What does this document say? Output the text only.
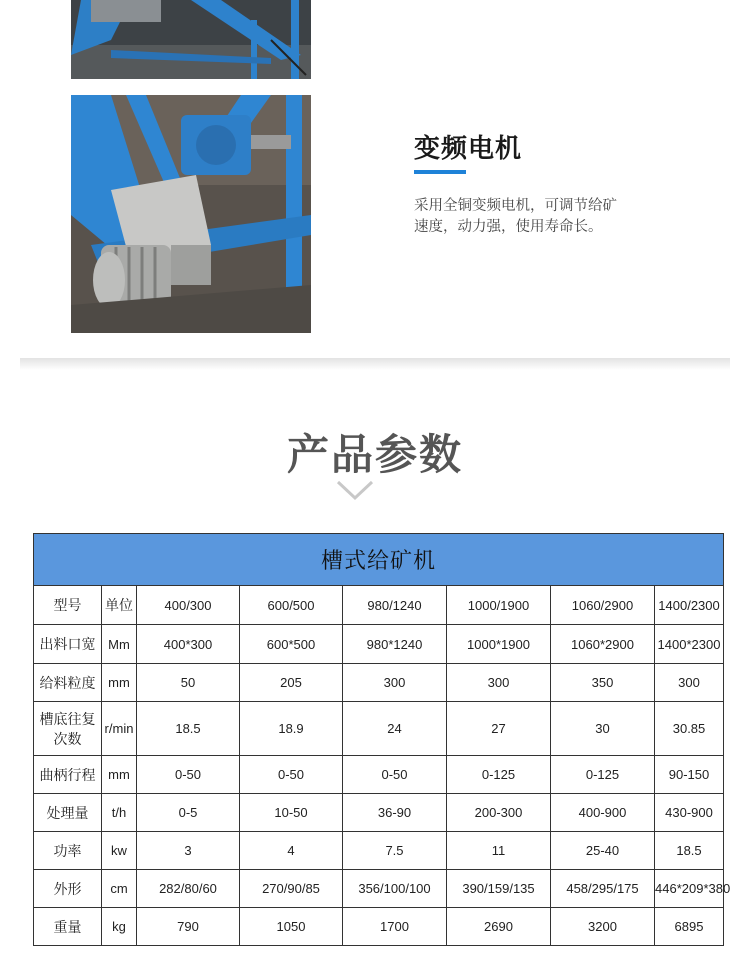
变频电机
采用全铜变频电机，可调节给矿速度，动力强，使用寿命长。
产品参数
槽式给矿机							
型号	单位	400/300	600/500	980/1240	1000/1900	1060/2900	1400/2300
出料口宽	Mm	400*300	600*500	980*1240	1000*1900	1060*2900	1400*2300
给料粒度	mm	50	205	300	300	350	300
槽底往复次数	r/min	18.5	18.9	24	27	30	30.85
曲柄行程	mm	0-50	0-50	0-50	0-125	0-125	90-150
处理量	t/h	0-5	10-50	36-90	200-300	400-900	430-900
功率	kw	3	4	7.5	11	25-40	18.5
外形	cm	282/80/60	270/90/85	356/100/100	390/159/135	458/295/175	446*209*380
重量	kg	790	1050	1700	2690	3200	6895
